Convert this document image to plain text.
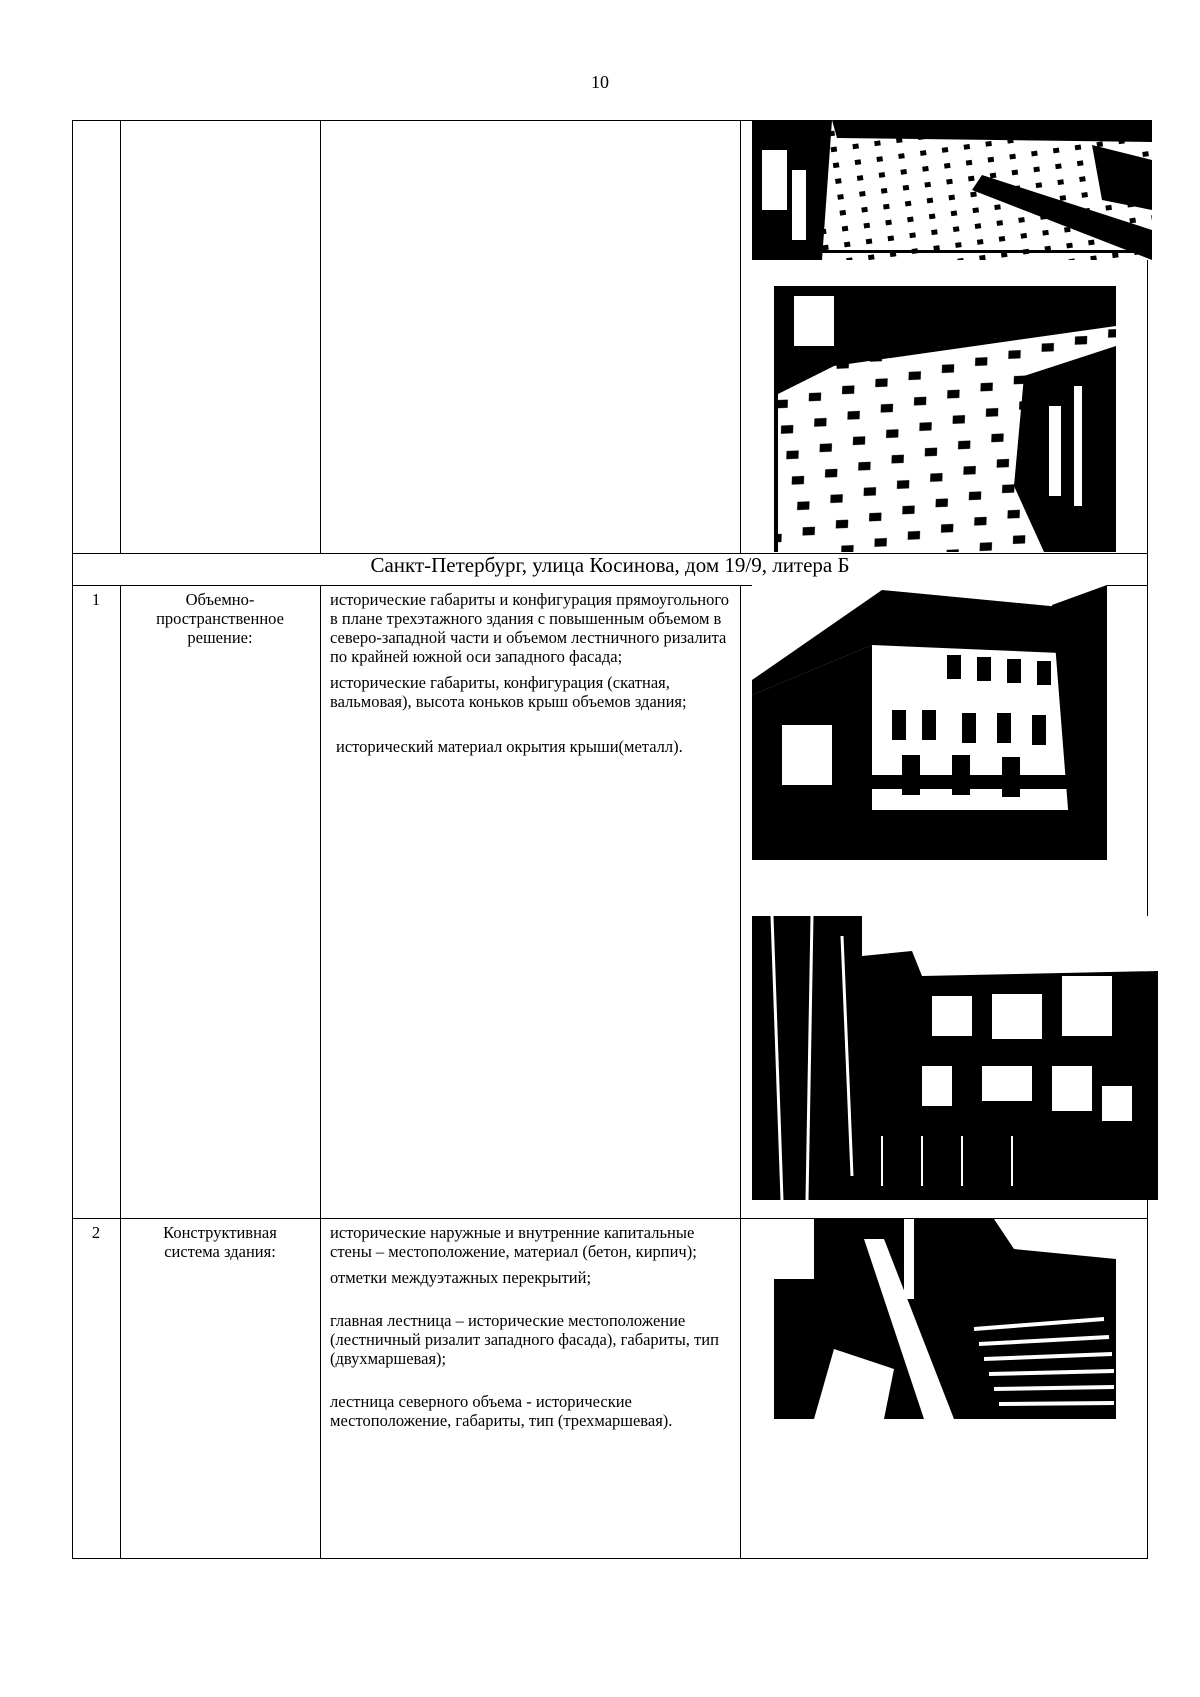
10
Санкт-Петербург, улица Косинова, дом 19/9, литера Б
1	Объемно-пространственное решение:

исторические габариты и конфигурация прямоугольного в плане трехэтажного здания с повышенным объемом в северо-западной части и объемом лестничного ризалита по крайней южной оси западного фасада;

исторические габариты, конфигурация (скатная, вальмовая), высота коньков крыш объемов здания;

исторический материал окрытия крыши(металл).

2	Конструктивная система здания:

исторические наружные и внутренние капитальные стены – местоположение, материал (бетон, кирпич);

отметки междуэтажных перекрытий;

главная лестница – исторические местоположение (лестничный ризалит западного фасада), габариты, тип (двухмаршевая);

лестница северного объема - исторические местоположение, габариты, тип (трехмаршевая).
